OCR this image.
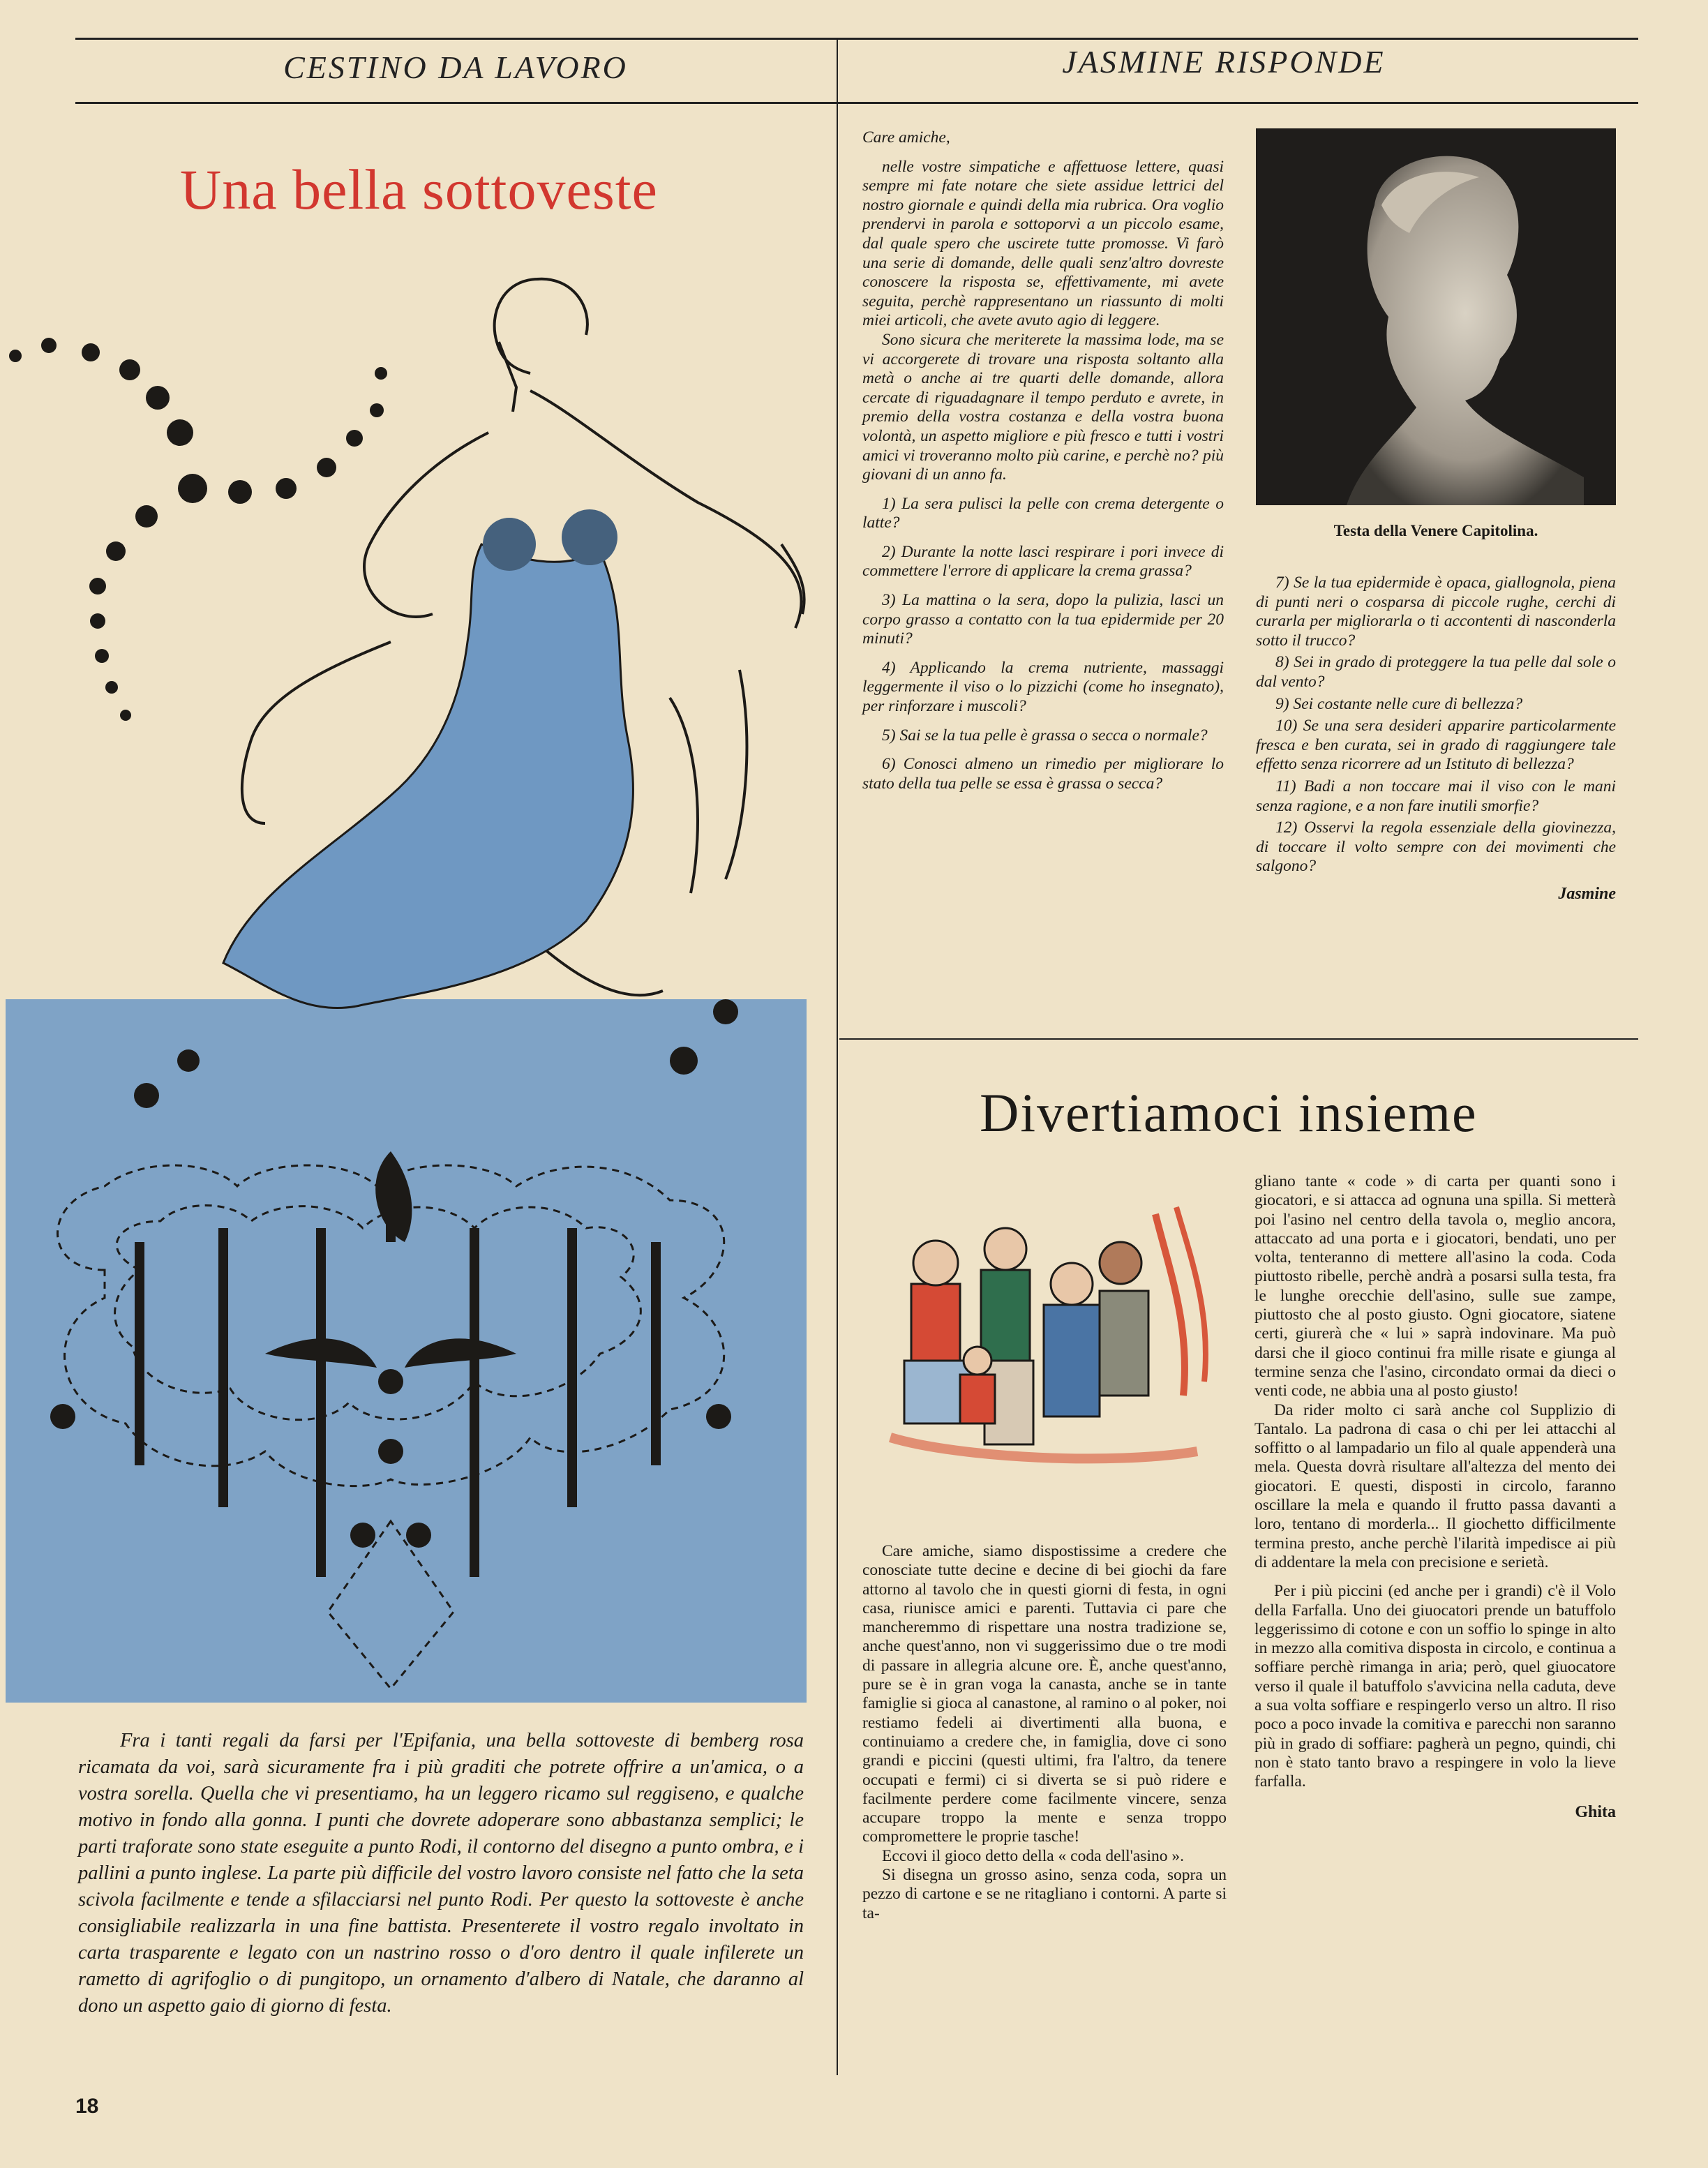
CESTINO DA LAVORO	JASMINE RISPONDE
Una bella sottoveste

Fra i tanti regali da farsi per l'Epifania, una bella sottoveste di bemberg rosa ricamata da voi, sarà sicuramente fra i più graditi che potrete offrire a un'amica, o a vostra sorella. Quella che vi presentiamo, ha un leggero ricamo sul reggiseno, e qualche motivo in fondo alla gonna. I punti che dovrete adoperare sono abbastanza semplici; le parti traforate sono state eseguite a punto Rodi, il contorno del disegno a punto ombra, e i pallini a punto inglese. La parte più difficile del vostro lavoro consiste nel fatto che la seta scivola facilmente e tende a sfilacciarsi nel punto Rodi. Per questo la sottoveste è anche consigliabile realizzarla in una fine battista. Presenterete il vostro regalo involtato in carta trasparente e legato con un nastrino rosso o d'oro dentro il quale infilerete un rametto di agrifoglio o di pungitopo, un ornamento d'albero di Natale, che daranno al dono un aspetto gaio di giorno di festa.

18

Care amiche,

nelle vostre simpatiche e affettuose lettere, quasi sempre mi fate notare che siete assidue lettrici del nostro giornale e quindi della mia rubrica. Ora voglio prendervi in parola e sottoporvi a un piccolo esame, dal quale spero che uscirete tutte promosse. Vi farò una serie di domande, delle quali senz'altro dovreste conoscere la risposta se, effettivamente, mi avete seguita, perchè rappresentano un riassunto di molti miei articoli, che avete avuto agio di leggere.

Sono sicura che meriterete la massima lode, ma se vi accorgerete di trovare una risposta soltanto alla metà o anche ai tre quarti delle domande, allora cercate di riguadagnare il tempo perduto e avrete, in premio della vostra costanza e della vostra buona volontà, un aspetto migliore e più fresco e tutti i vostri amici vi troveranno molto più carine, e perchè no? più giovani di un anno fa.

1) La sera pulisci la pelle con crema detergente o latte?

2) Durante la notte lasci respirare i pori invece di commettere l'errore di applicare la crema grassa?

3) La mattina o la sera, dopo la pulizia, lasci un corpo grasso a contatto con la tua epidermide per 20 minuti?

4) Applicando la crema nutriente, massaggi leggermente il viso o lo pizzichi (come ho insegnato), per rinforzare i muscoli?

5) Sai se la tua pelle è grassa o secca o normale?

6) Conosci almeno un rimedio per migliorare lo stato della tua pelle se essa è grassa o secca?

Testa della Venere Capitolina.

7) Se la tua epidermide è opaca, giallognola, piena di punti neri o cosparsa di piccole rughe, cerchi di curarla per migliorarla o ti accontenti di nasconderla sotto il trucco?

8) Sei in grado di proteggere la tua pelle dal sole o dal vento?

9) Sei costante nelle cure di bellezza?

10) Se una sera desideri apparire particolarmente fresca e ben curata, sei in grado di raggiungere tale effetto senza ricorrere ad un Istituto di bellezza?

11) Badi a non toccare mai il viso con le mani senza ragione, e a non fare inutili smorfie?

12) Osservi la regola essenziale della giovinezza, di toccare il volto sempre con dei movimenti che salgono?

Jasmine
Divertiamoci insieme

Care amiche, siamo dispostissime a credere che conosciate tutte decine e decine di bei giochi da fare attorno al tavolo che in questi giorni di festa, in ogni casa, riunisce amici e parenti. Tuttavia ci pare che mancheremmo di rispettare una nostra tradizione se, anche quest'anno, non vi suggerissimo due o tre modi di passare in allegria alcune ore. È, anche quest'anno, pure se è in gran voga la canasta, anche se in tante famiglie si gioca al canastone, al ramino o al poker, noi restiamo fedeli ai divertimenti alla buona, e continuiamo a credere che, in famiglia, dove ci sono grandi e piccini (questi ultimi, fra l'altro, da tenere occupati e fermi) ci si diverta se si può ridere e facilmente perdere come facilmente vincere, senza accupare troppo la mente e senza troppo compromettere le proprie tasche!

Eccovi il gioco detto della « coda dell'asino ».

Si disegna un grosso asino, senza coda, sopra un pezzo di cartone e se ne ritagliano i contorni. A parte si ta-

gliano tante « code » di carta per quanti sono i giocatori, e si attacca ad ognuna una spilla. Si metterà poi l'asino nel centro della tavola o, meglio ancora, attaccato ad una porta e i giocatori, bendati, uno per volta, tenteranno di mettere all'asino la coda. Coda piuttosto ribelle, perchè andrà a posarsi sulla testa, fra le lunghe orecchie dell'asino, sulle sue zampe, piuttosto che al posto giusto. Ogni giocatore, siatene certi, giurerà che « lui » saprà indovinare. Ma può darsi che il gioco continui fra mille risate e giunga al termine senza che l'asino, circondato ormai da dieci o venti code, ne abbia una al posto giusto!

Da rider molto ci sarà anche col Supplizio di Tantalo. La padrona di casa o chi per lei attacchi al soffitto o al lampadario un filo al quale appenderà una mela. Questa dovrà risultare all'altezza del mento dei giocatori. E questi, disposti in circolo, faranno oscillare la mela e quando il frutto passa davanti a loro, tentano di morderla... Il giochetto difficilmente termina presto, anche perchè l'ilarità impedisce ai più di addentare la mela con precisione e serietà.

Per i più piccini (ed anche per i grandi) c'è il Volo della Farfalla. Uno dei giuocatori prende un batuffolo leggerissimo di cotone e con un soffio lo spinge in alto in mezzo alla comitiva disposta in circolo, e continua a soffiare perchè rimanga in aria; però, quel giuocatore verso il quale il batuffolo s'avvicina nella caduta, deve a sua volta soffiare e respingerlo verso un altro. Il riso poco a poco invade la comitiva e parecchi non saranno più in grado di soffiare: pagherà un pegno, quindi, chi non è stato tanto bravo a respingere in volo la lieve farfalla.

Ghita
